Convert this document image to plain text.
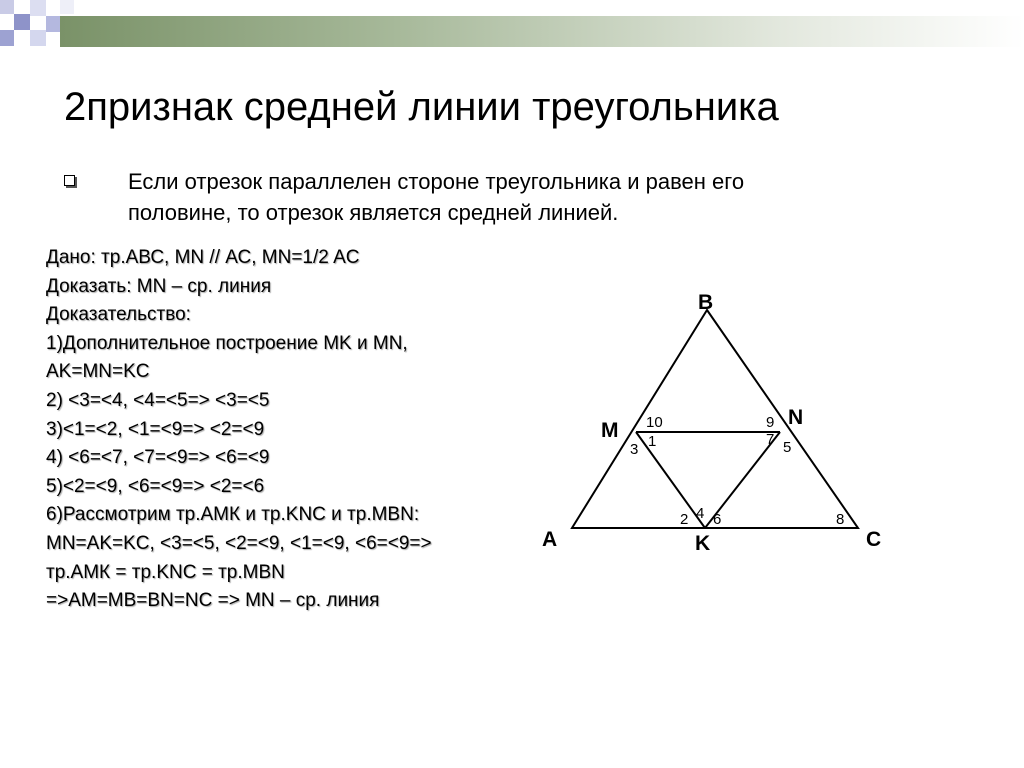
2признак средней линии треугольника
Если отрезок параллелен стороне треугольника и равен его половине, то отрезок является средней линией.
Дано: тр.АВС, МN // АС, MN=1/2 AC
Доказать: MN – ср. линия
Доказательство:
1)Дополнительное построение MK и MN,
AK=MN=KC
2) <3=<4, <4=<5=> <3=<5
3)<1=<2, <1=<9=> <2=<9
4) <6=<7, <7=<9=> <6=<9
5)<2=<9, <6=<9=> <2=<6
6)Рассмотрим тр.АМК и тр.KNC и тр.MBN:
MN=AK=KC, <3=<5, <2=<9, <1=<9, <6=<9=>
тр.АМК = тр.KNC = тр.MBN
=>AM=MB=BN=NC => MN – ср. линия
B
M
N
A	K	C
10
1
3
9
7 5
2 4 6	8
